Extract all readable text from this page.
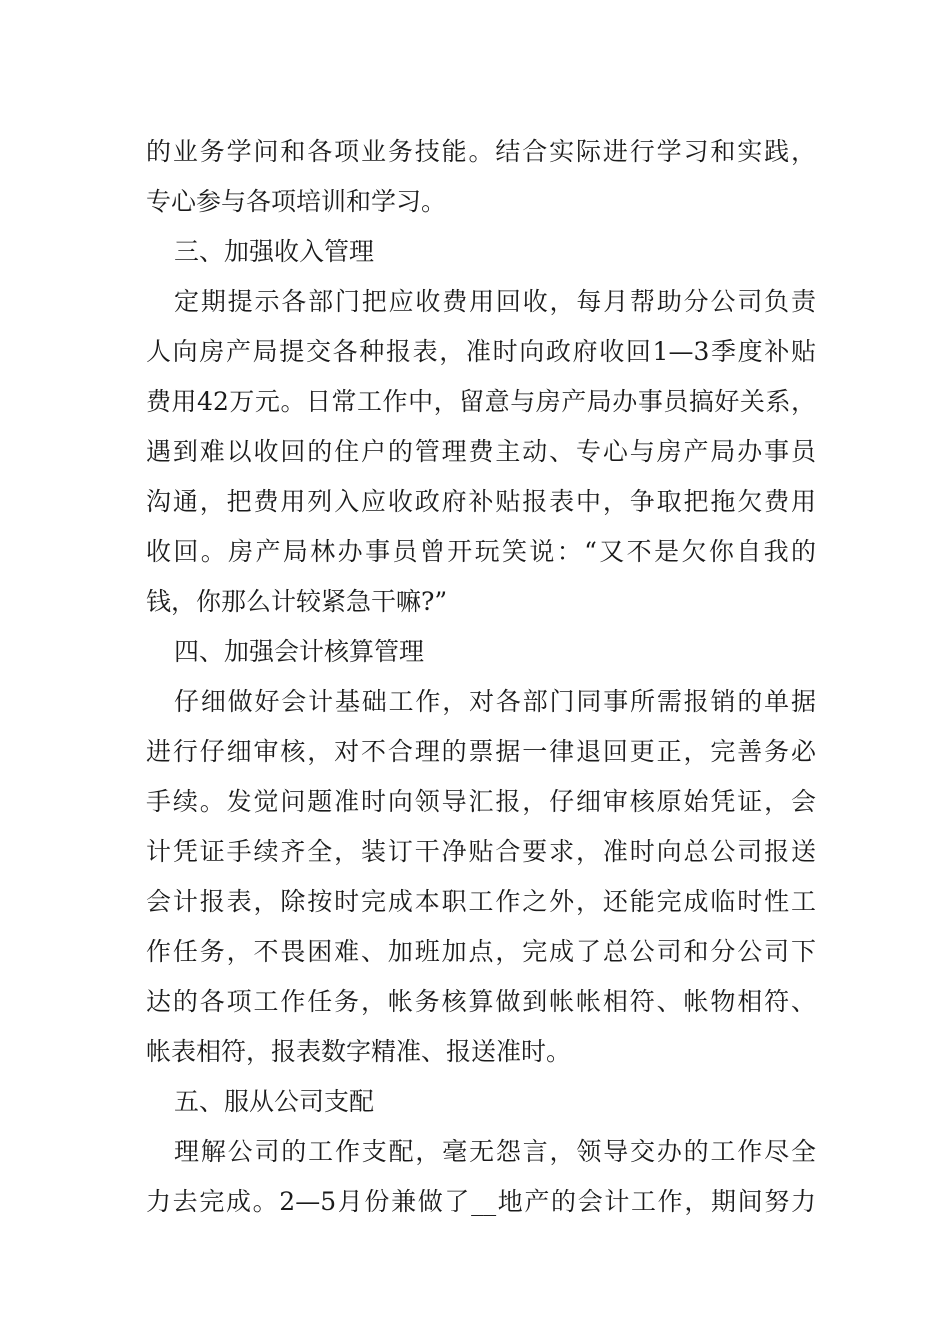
的业务学问和各项业务技能。结合实际进行学习和实践，
专心参与各项培训和学习。
三、加强收入管理
定期提示各部门把应收费用回收，每月帮助分公司负责
人向房产局提交各种报表，准时向政府收回1—3季度补贴
费用42万元。日常工作中，留意与房产局办事员搞好关系，
遇到难以收回的住户的管理费主动、专心与房产局办事员
沟通，把费用列入应收政府补贴报表中，争取把拖欠费用
收回。房产局林办事员曾开玩笑说：“又不是欠你自我的
钱，你那么计较紧急干嘛?”
四、加强会计核算管理
仔细做好会计基础工作，对各部门同事所需报销的单据
进行仔细审核，对不合理的票据一律退回更正，完善务必
手续。发觉问题准时向领导汇报，仔细审核原始凭证，会
计凭证手续齐全，装订干净贴合要求，准时向总公司报送
会计报表，除按时完成本职工作之外，还能完成临时性工
作任务，不畏困难、加班加点，完成了总公司和分公司下
达的各项工作任务，帐务核算做到帐帐相符、帐物相符、
帐表相符，报表数字精准、报送准时。
五、服从公司支配
理解公司的工作支配，毫无怨言，领导交办的工作尽全
力去完成。2—5月份兼做了__地产的会计工作，期间努力
